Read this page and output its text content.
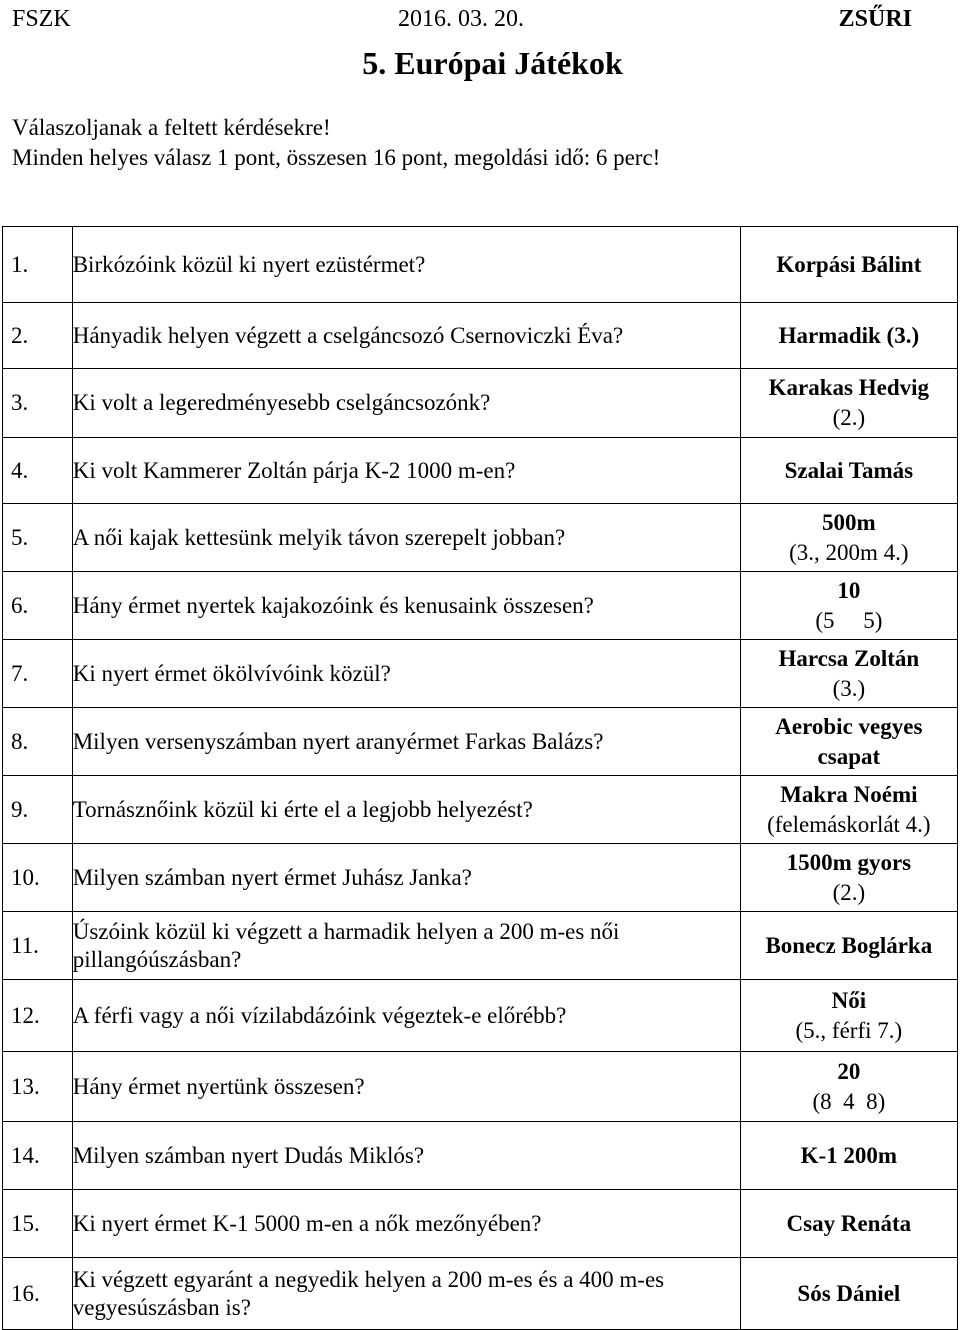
FSZK	2016. 03. 20.	ZSŰRI
5. Európai Játékok
Válaszoljanak a feltett kérdésekre!
Minden helyes válasz 1 pont, összesen 16 pont, megoldási idő: 6 perc!
1.	Birkózóink közül ki nyert ezüstérmet?	Korpási Bálint

2.	Hányadik helyen végzett a cselgáncsozó Csernoviczki Éva?	Harmadik (3.)

3.	Ki volt a legeredményesebb cselgáncsozónk?	Karakas Hedvig
(2.)

4.	Ki volt Kammerer Zoltán párja K-2 1000 m-en?	Szalai Tamás

5.	A női kajak kettesünk melyik távon szerepelt jobban?	500m
(3., 200m 4.)

6.	Hány érmet nyertek kajakozóink és kenusaink összesen?	10
(5     5)

7.	Ki nyert érmet ökölvívóink közül?	Harcsa Zoltán
(3.)

8.	Milyen versenyszámban nyert aranyérmet Farkas Balázs?	Aerobic vegyes
csapat

9.	Tornásznőink közül ki érte el a legjobb helyezést?	Makra Noémi
(felemáskorlát 4.)

10.	Milyen számban nyert érmet Juhász Janka?	1500m gyors
(2.)

11.	Úszóink közül ki végzett a harmadik helyen a 200 m-es női pillangóúszásban?	Bonecz Boglárka

12.	A férfi vagy a női vízilabdázóink végeztek-e előrébb?	Női
(5., férfi 7.)

13.	Hány érmet nyertünk összesen?	20
(8  4  8)

14.	Milyen számban nyert Dudás Miklós?	K-1 200m

15.	Ki nyert érmet K-1 5000 m-en a nők mezőnyében?	Csay Renáta

16.	Ki végzett egyaránt a negyedik helyen a 200 m-es és a 400 m-es vegyesúszásban is?	Sós Dániel
